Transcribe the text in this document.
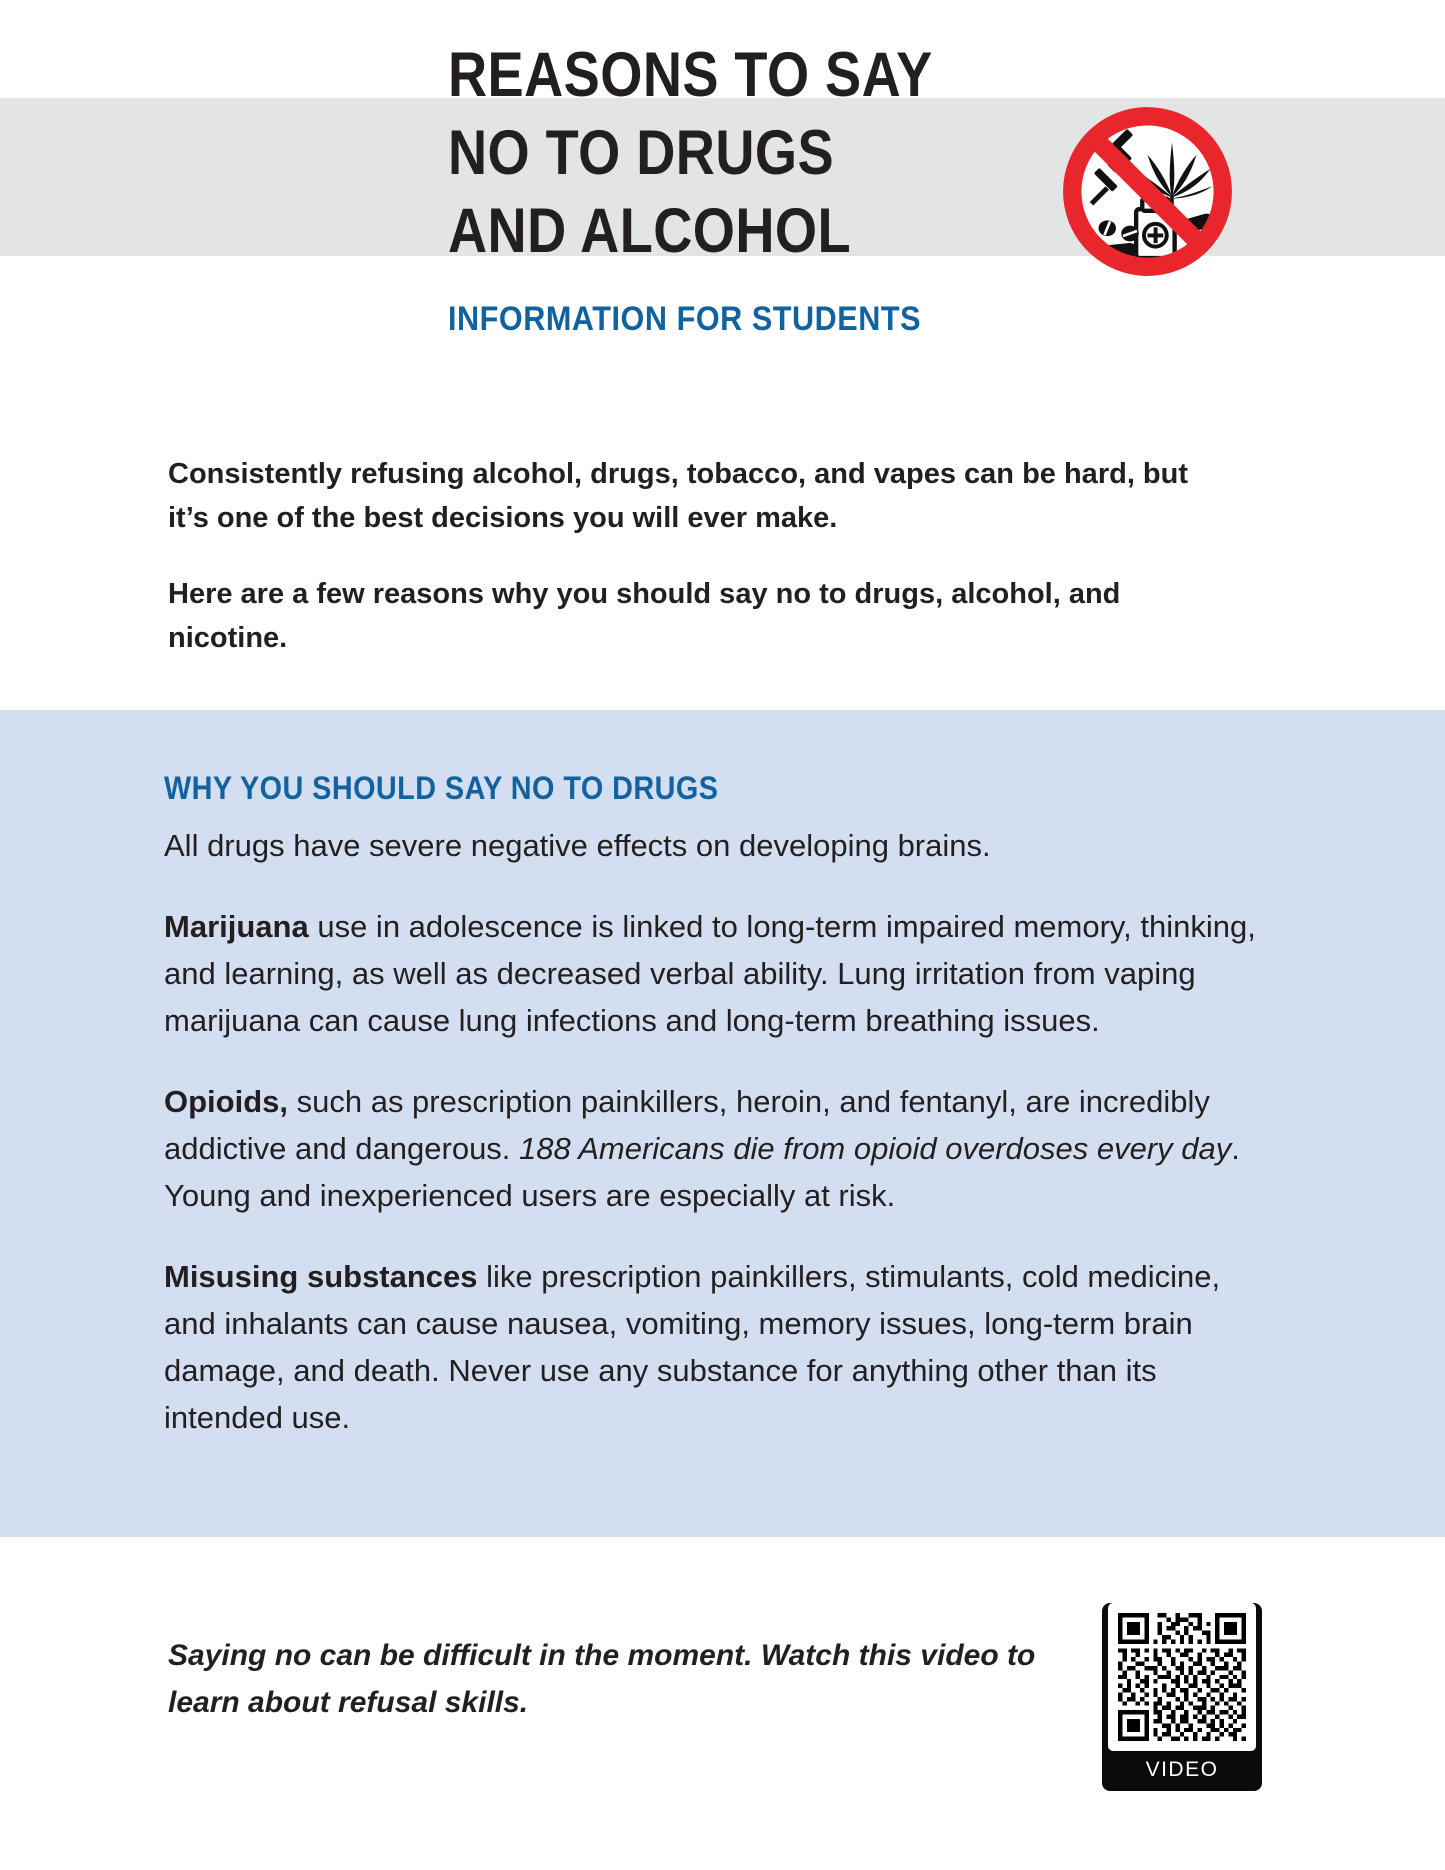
REASONS TO SAY
NO TO DRUGS
AND ALCOHOL
INFORMATION FOR STUDENTS

Consistently refusing alcohol, drugs, tobacco, and vapes can be hard, but it’s one of the best decisions you will ever make.

Here are a few reasons why you should say no to drugs, alcohol, and nicotine.

WHY YOU SHOULD SAY NO TO DRUGS

All drugs have severe negative effects on developing brains.

Marijuana use in adolescence is linked to long-term impaired memory, thinking, and learning, as well as decreased verbal ability. Lung irritation from vaping marijuana can cause lung infections and long-term breathing issues.

Opioids, such as prescription painkillers, heroin, and fentanyl, are incredibly addictive and dangerous. 188 Americans die from opioid overdoses every day. Young and inexperienced users are especially at risk.

Misusing substances like prescription painkillers, stimulants, cold medicine, and inhalants can cause nausea, vomiting, memory issues, long-term brain damage, and death. Never use any substance for anything other than its intended use.

Saying no can be difficult in the moment. Watch this video to learn about refusal skills.
VIDEO
